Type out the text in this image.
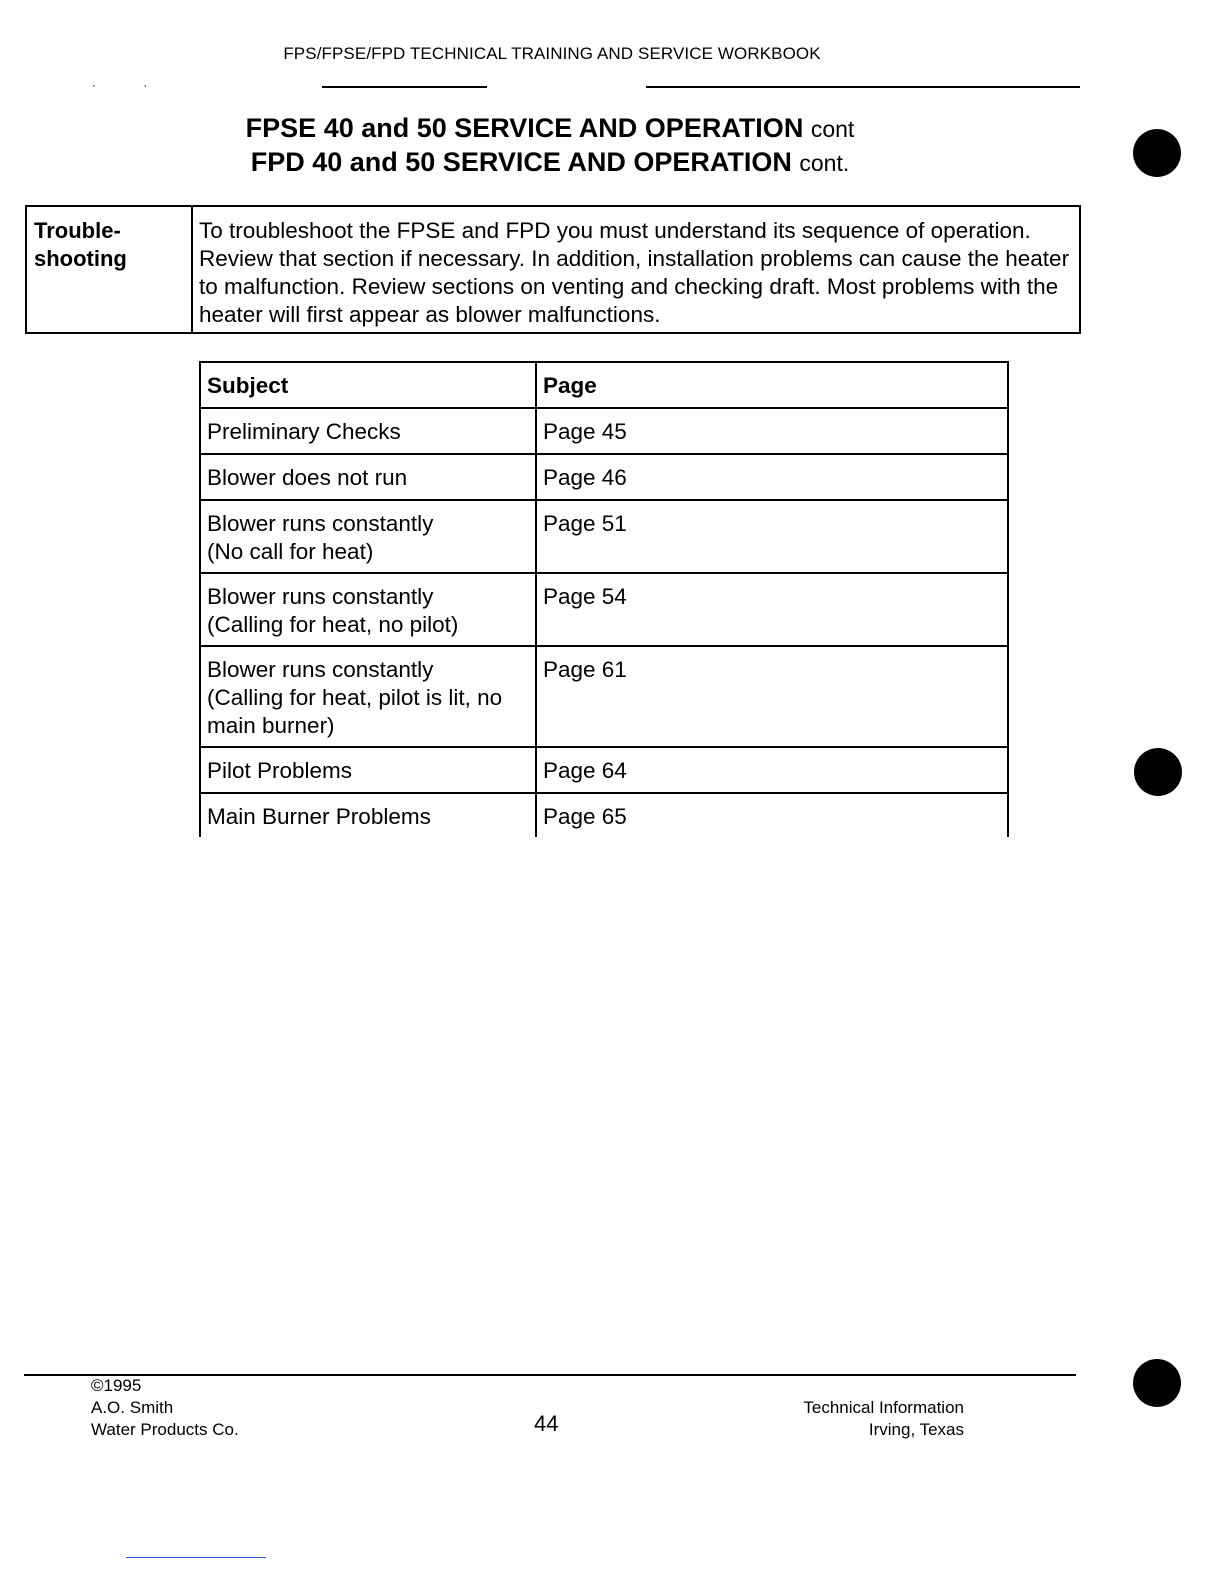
FPS/FPSE/FPD TECHNICAL TRAINING AND SERVICE WORKBOOK
· ·
FPSE 40 and 50 SERVICE AND OPERATION cont
FPD 40 and 50 SERVICE AND OPERATION cont.
Trouble-
shooting
To troubleshoot the FPSE and FPD you must understand its sequence of operation. Review that section if necessary. In addition, installation problems can cause the heater to malfunction. Review sections on venting and checking draft. Most problems with the heater will first appear as blower malfunctions.
Subject	Page
Preliminary Checks	Page 45
Blower does not run	Page 46
Blower runs constantly
(No call for heat)	Page 51
Blower runs constantly
(Calling for heat, no pilot)	Page 54
Blower runs constantly
(Calling for heat, pilot is lit, no
main burner)	Page 61
Pilot Problems	Page 64
Main Burner Problems	Page 65
©1995
A.O. Smith
Water Products Co.	44
Technical Information
Irving, Texas
